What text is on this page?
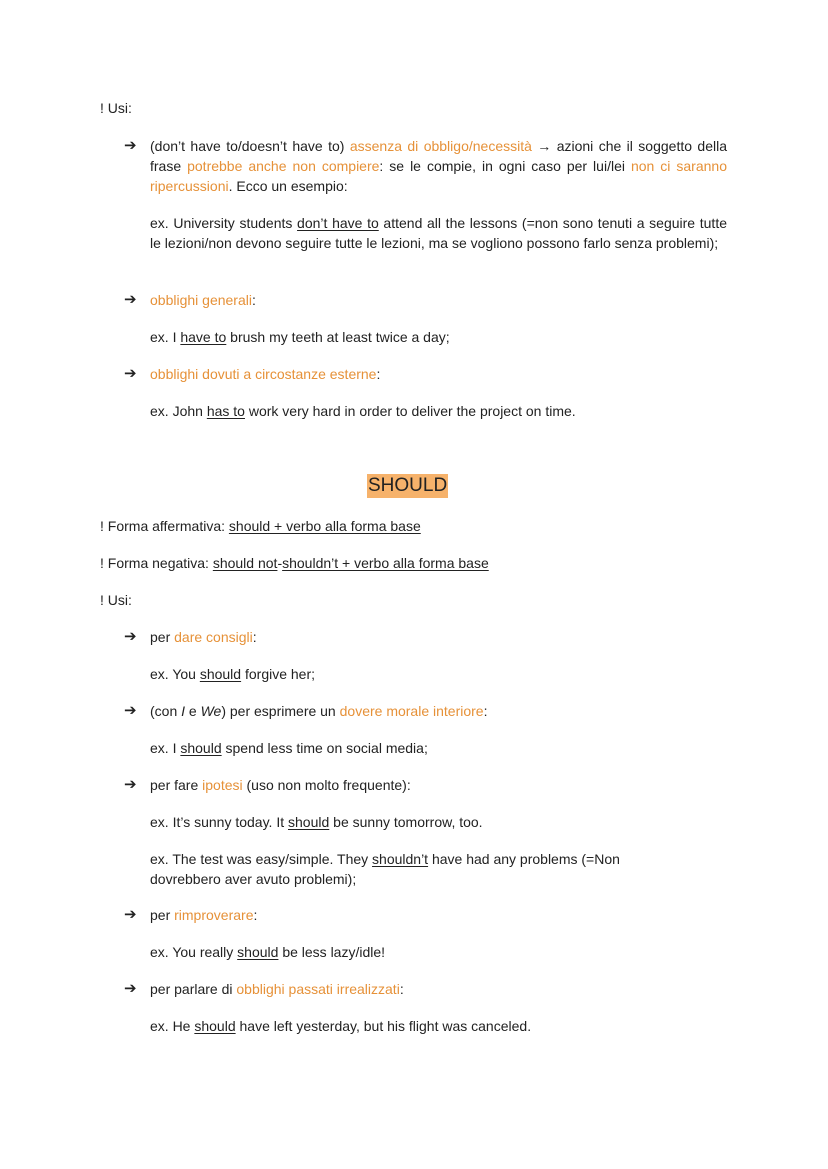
! Usi:
➔ (don’t have to/doesn’t have to) assenza di obbligo/necessità → azioni che il soggetto della frase potrebbe anche non compiere: se le compie, in ogni caso per lui/lei non ci saranno ripercussioni. Ecco un esempio:
ex. University students don’t have to attend all the lessons (=non sono tenuti a seguire tutte le lezioni/non devono seguire tutte le lezioni, ma se vogliono possono farlo senza problemi);
➔ obblighi generali:
ex. I have to brush my teeth at least twice a day;
➔ obblighi dovuti a circostanze esterne:
ex. John has to work very hard in order to deliver the project on time.
SHOULD
! Forma affermativa: should + verbo alla forma base
! Forma negativa: should not-shouldn’t + verbo alla forma base
! Usi:
➔ per dare consigli:
ex. You should forgive her;
➔ (con I e We) per esprimere un dovere morale interiore:
ex. I should spend less time on social media;
➔ per fare ipotesi (uso non molto frequente):
ex. It’s sunny today. It should be sunny tomorrow, too.
ex. The test was easy/simple. They shouldn’t have had any problems (=Non dovrebbero aver avuto problemi);
➔ per rimproverare:
ex. You really should be less lazy/idle!
➔ per parlare di obblighi passati irrealizzati:
ex. He should have left yesterday, but his flight was canceled.
